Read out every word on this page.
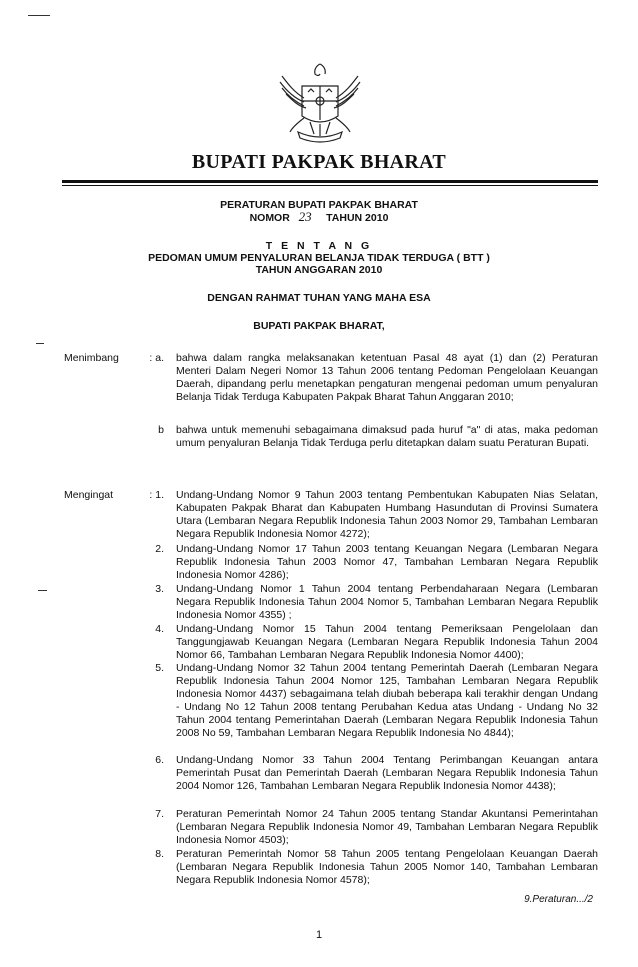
BUPATI PAKPAK BHARAT
PERATURAN BUPATI PAKPAK BHARAT
NOMOR 23 TAHUN 2010
T E N T A N G
PEDOMAN UMUM PENYALURAN BELANJA TIDAK TERDUGA ( BTT )
TAHUN ANGGARAN 2010
DENGAN RAHMAT TUHAN YANG MAHA ESA
BUPATI PAKPAK BHARAT,
Menimbang	: a. bahwa dalam rangka melaksanakan ketentuan Pasal 48 ayat (1) dan (2) Peraturan Menteri Dalam Negeri Nomor 13 Tahun 2006 tentang Pedoman Pengelolaan Keuangan Daerah, dipandang perlu menetapkan pengaturan mengenai pedoman umum penyaluran Belanja Tidak Terduga Kabupaten Pakpak Bharat Tahun Anggaran 2010;
b bahwa untuk memenuhi sebagaimana dimaksud pada huruf "a" di atas, maka pedoman umum penyaluran Belanja Tidak Terduga perlu ditetapkan dalam suatu Peraturan Bupati.
Mengingat	: 1. Undang-Undang Nomor 9 Tahun 2003 tentang Pembentukan Kabupaten Nias Selatan, Kabupaten Pakpak Bharat dan Kabupaten Humbang Hasundutan di Provinsi Sumatera Utara (Lembaran Negara Republik Indonesia Tahun 2003 Nomor 29, Tambahan Lembaran Negara Republik Indonesia Nomor 4272);
2. Undang-Undang Nomor 17 Tahun 2003 tentang Keuangan Negara (Lembaran Negara Republik Indonesia Tahun 2003 Nomor 47, Tambahan Lembaran Negara Republik Indonesia Nomor 4286);
3. Undang-Undang Nomor 1 Tahun 2004 tentang Perbendaharaan Negara (Lembaran Negara Republik Indonesia Tahun 2004 Nomor 5, Tambahan Lembaran Negara Republik Indonesia Nomor 4355) ;
4. Undang-Undang Nomor 15 Tahun 2004 tentang Pemeriksaan Pengelolaan dan Tanggungjawab Keuangan Negara (Lembaran Negara Republik Indonesia Tahun 2004 Nomor 66, Tambahan Lembaran Negara Republik Indonesia Nomor 4400);
5. Undang-Undang Nomor 32 Tahun 2004 tentang Pemerintah Daerah (Lembaran Negara Republik Indonesia Tahun 2004 Nomor 125, Tambahan Lembaran Negara Republik Indonesia Nomor 4437) sebagaimana telah diubah beberapa kali terakhir dengan Undang - Undang No 12 Tahun 2008 tentang Perubahan Kedua atas Undang - Undang No 32 Tahun 2004 tentang Pemerintahan Daerah (Lembaran Negara Republik Indonesia Tahun 2008 No 59, Tambahan Lembaran Negara Republik Indonesia No 4844);
6. Undang-Undang Nomor 33 Tahun 2004 Tentang Perimbangan Keuangan antara Pemerintah Pusat dan Pemerintah Daerah (Lembaran Negara Republik Indonesia Tahun 2004 Nomor 126, Tambahan Lembaran Negara Republik Indonesia Nomor 4438);
7. Peraturan Pemerintah Nomor 24 Tahun 2005 tentang Standar Akuntansi Pemerintahan (Lembaran Negara Republik Indonesia Nomor 49, Tambahan Lembaran Negara Republik Indonesia Nomor 4503);
8. Peraturan Pemerintah Nomor 58 Tahun 2005 tentang Pengelolaan Keuangan Daerah (Lembaran Negara Republik Indonesia Tahun 2005 Nomor 140, Tambahan Lembaran Negara Republik Indonesia Nomor 4578);
9.Peraturan.../2
1
